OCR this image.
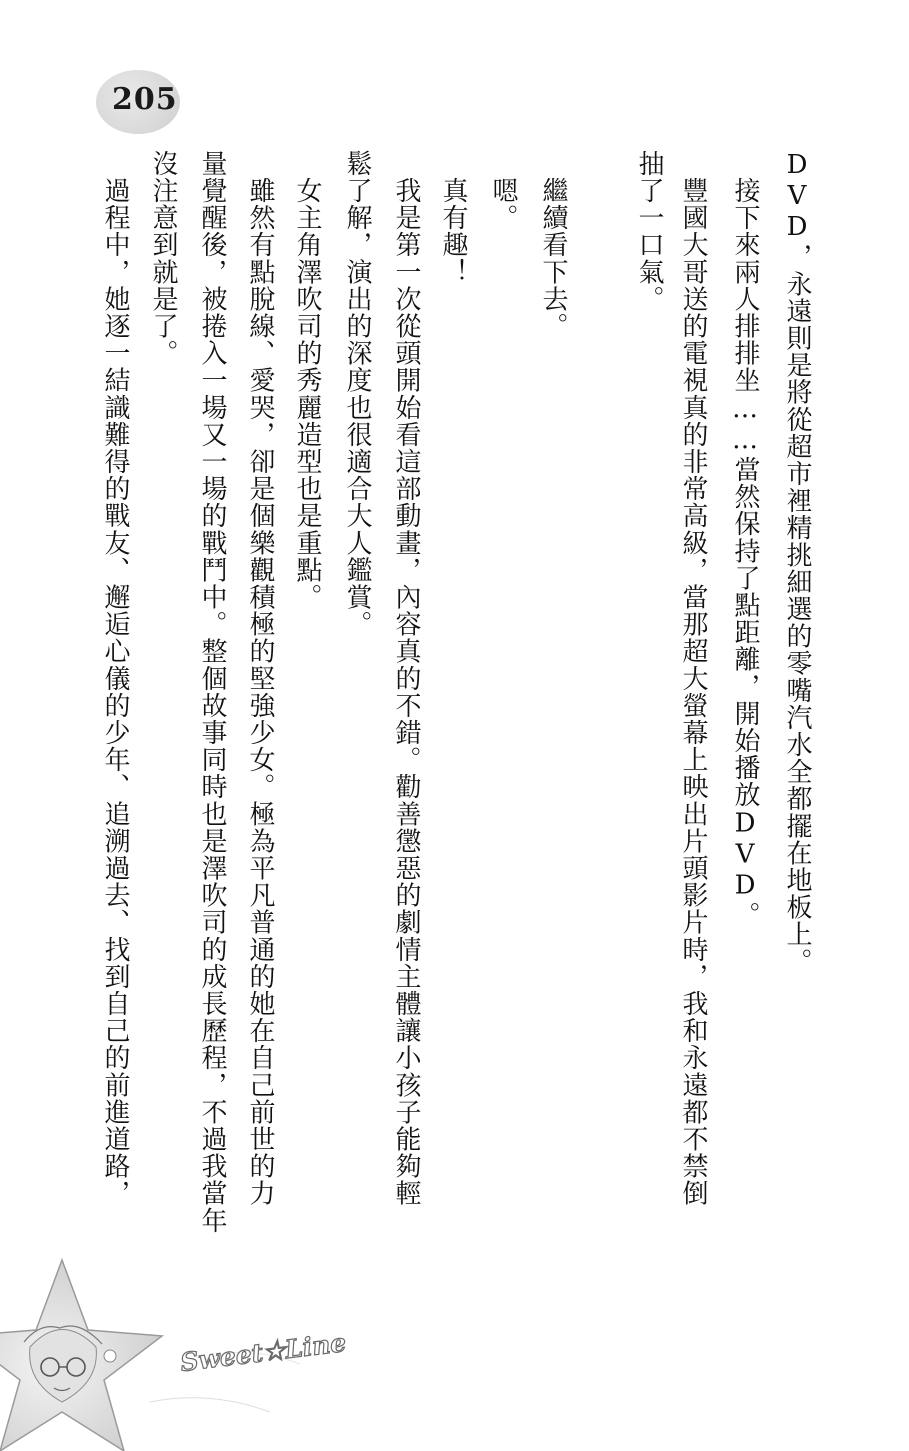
205
DVD，永遠則是將從超市裡精挑細選的零嘴汽水全都擺在地板上。
　接下來兩人排排坐……當然保持了點距離，開始播放DVD。
　豐國大哥送的電視真的非常高級，當那超大螢幕上映出片頭影片時，我和永遠都不禁倒
抽了一口氣。
　繼續看下去。
　嗯。
　真有趣！
　我是第一次從頭開始看這部動畫，內容真的不錯。勸善懲惡的劇情主體讓小孩子能夠輕
鬆了解，演出的深度也很適合大人鑑賞。
　女主角澤吹司的秀麗造型也是重點。
　雖然有點脫線、愛哭，卻是個樂觀積極的堅強少女。極為平凡普通的她在自己前世的力
量覺醒後，被捲入一場又一場的戰鬥中。整個故事同時也是澤吹司的成長歷程，不過我當年
沒注意到就是了。
　過程中，她逐一結識難得的戰友、邂逅心儀的少年、追溯過去、找到自己的前進道路，
Sweet★Line
